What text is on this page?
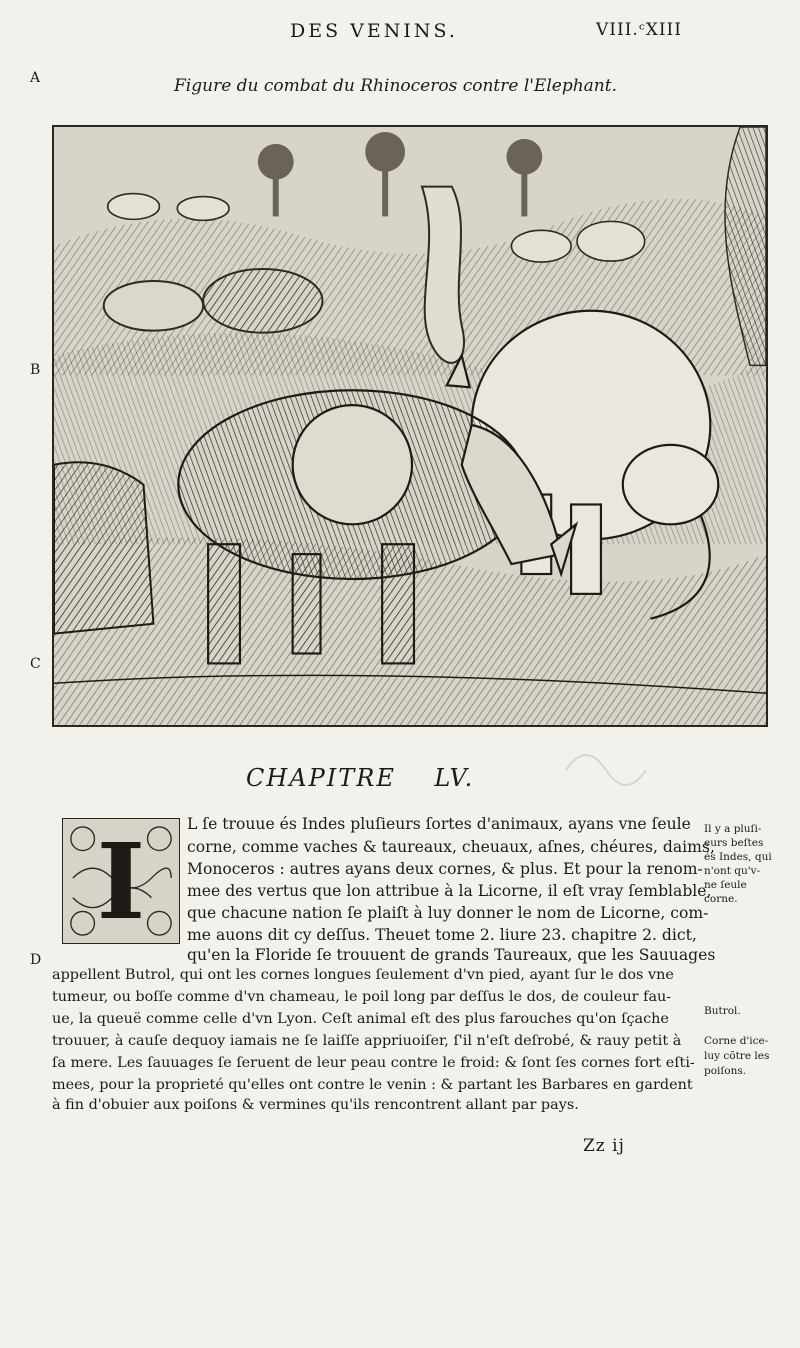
DES VENINS.	VIII.ᶜXIII
A
B
C
D
Figure du combat du Rhinoceros contre l'Elephant.
CHAPITRE    LV.
I	L ſe trouue és Indes pluſieurs ſortes d'animaux, ayans vne ſeule
corne, comme vaches & taureaux, cheuaux, aſnes, chéures, daims,
Monoceros : autres ayans deux cornes, & plus. Et pour la renom-
mee des vertus que lon attribue à la Licorne, il eſt vray ſemblable,
que chacune nation ſe plaiſt à luy donner le nom de Licorne, com-
me auons dit cy deſſus. Theuet tome 2. liure 23. chapitre 2. dict,
qu'en la Floride ſe trouuent de grands Taureaux, que les Sauuages
appellent Butrol, qui ont les cornes longues ſeulement d'vn pied, ayant ſur le dos vne
tumeur, ou boſſe comme d'vn chameau, le poil long par deſſus le dos, de couleur fau-
ue, la queuë comme celle d'vn Lyon. Ceſt animal eſt des plus farouches qu'on ſçache
trouuer, à cauſe dequoy iamais ne ſe laiſſe appriuoiſer, ſ'il n'eſt deſrobé, & rauy petit à
ſa mere. Les ſauuages ſe ſeruent de leur peau contre le froid: & ſont ſes cornes fort eſti-
mees, pour la proprieté qu'elles ont contre le venin : & partant les Barbares en gardent
à fin d'obuier aux poiſons & vermines qu'ils rencontrent allant par pays.
Il y a pluſi-
eurs beſtes
és Indes, qui
n'ont qu'v-
ne ſeule
corne.
Butrol.
Corne d'ice-
luy cõtre les
poiſons.
Zz ij
